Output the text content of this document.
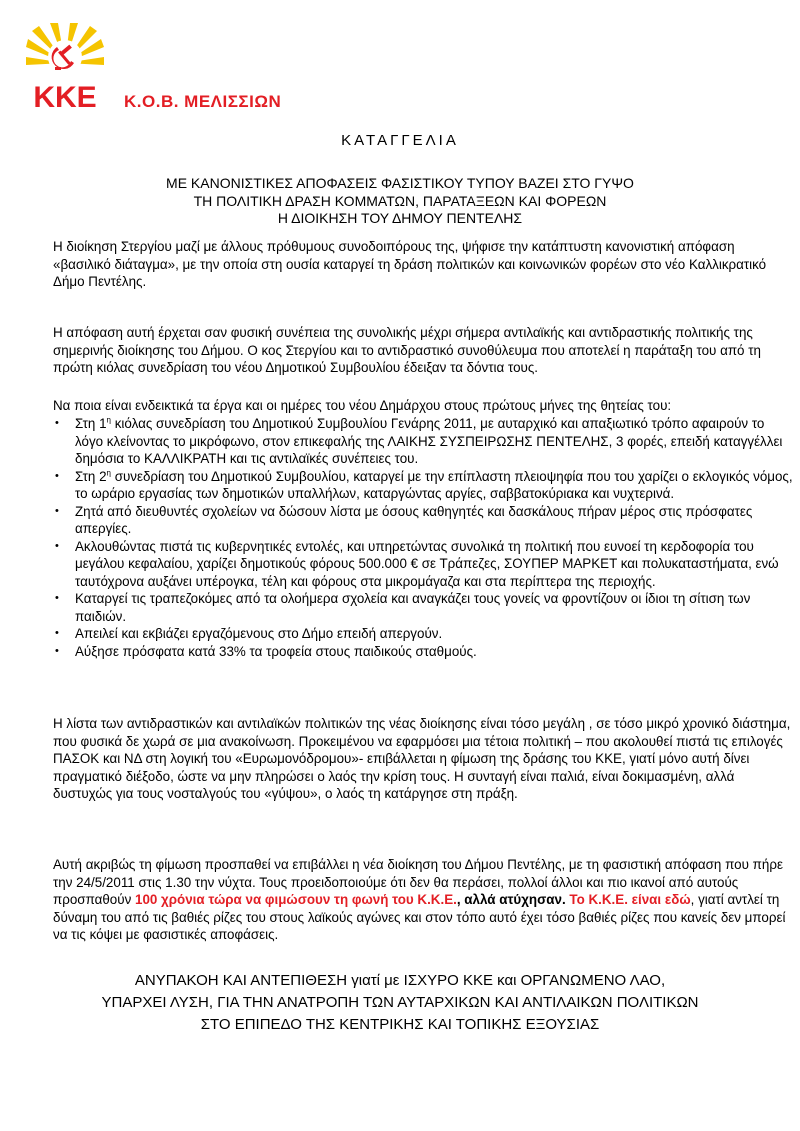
ΚΚΕ Κ.Ο.Β. ΜΕΛΙΣΣΙΩΝ
ΚΑΤΑΓΓΕΛΙΑ
ΜΕ ΚΑΝΟΝΙΣΤΙΚΕΣ ΑΠΟΦΑΣΕΙΣ ΦΑΣΙΣΤΙΚΟΥ ΤΥΠΟΥ ΒΑΖΕΙ ΣΤΟ ΓΥΨΟ
ΤΗ ΠΟΛΙΤΙΚΗ ΔΡΑΣΗ ΚΟΜΜΑΤΩΝ, ΠΑΡΑΤΑΞΕΩΝ ΚΑΙ ΦΟΡΕΩΝ
Η ΔΙΟΙΚΗΣΗ ΤΟΥ ΔΗΜΟΥ ΠΕΝΤΕΛΗΣ

Η διοίκηση Στεργίου μαζί με άλλους πρόθυμους συνοδοιπόρους της, ψήφισε την κατάπτυστη κανονιστική απόφαση «βασιλικό διάταγμα», με την οποία στη ουσία καταργεί τη δράση πολιτικών και κοινωνικών φορέων στο νέο Καλλικρατικό Δήμο Πεντέλης.

Η απόφαση αυτή έρχεται σαν φυσική συνέπεια της συνολικής μέχρι σήμερα αντιλαϊκής και αντιδραστικής πολιτικής της σημερινής διοίκησης του Δήμου. Ο κος Στεργίου και το αντιδραστικό συνοθύλευμα που αποτελεί η παράταξη του από τη πρώτη κιόλας συνεδρίαση του νέου Δημοτικού Συμβουλίου έδειξαν τα δόντια τους.

Να ποια είναι ενδεικτικά τα έργα και οι ημέρες του νέου Δημάρχου στους πρώτους μήνες της θητείας του:

• Στη $1^\eta$ κιόλας συνεδρίαση του Δημοτικού Συμβουλίου Γενάρης 2011, με αυταρχικό και απαξιωτικό τρόπο αφαιρούν το λόγο κλείνοντας το μικρόφωνο, στον επικεφαλής της ΛΑΙΚΗΣ ΣΥΣΠΕΙΡΩΣΗΣ ΠΕΝΤΕΛΗΣ, 3 φορές, επειδή καταγγέλλει δημόσια το ΚΑΛΛΙΚΡΑΤΗ και τις αντιλαϊκές συνέπειες του.
• Στη $2^\eta$ συνεδρίαση του Δημοτικού Συμβουλίου, καταργεί με την επίπλαστη πλειοψηφία που του χαρίζει ο εκλογικός νόμος, το ωράριο εργασίας των δημοτικών υπαλλήλων, καταργώντας αργίες, σαββατοκύριακα και νυχτερινά.
• Ζητά από διευθυντές σχολείων να δώσουν λίστα με όσους καθηγητές και δασκάλους πήραν μέρος στις πρόσφατες απεργίες.
• Ακλουθώντας πιστά τις κυβερνητικές εντολές, και υπηρετώντας συνολικά τη πολιτική που ευνοεί τη κερδοφορία του μεγάλου κεφαλαίου, χαρίζει δημοτικούς φόρους 500.000 € σε Τράπεζες, ΣΟΥΠΕΡ ΜΑΡΚΕΤ και πολυκαταστήματα, ενώ ταυτόχρονα αυξάνει υπέρογκα, τέλη και φόρους στα μικρομάγαζα και στα περίπτερα της περιοχής.
• Καταργεί τις τραπεζοκόμες από τα ολοήμερα σχολεία και αναγκάζει τους γονείς να φροντίζουν οι ίδιοι τη σίτιση των παιδιών.
• Απειλεί και εκβιάζει εργαζόμενους στο Δήμο επειδή απεργούν.
• Αύξησε πρόσφατα κατά 33% τα τροφεία στους παιδικούς σταθμούς.

Η λίστα των αντιδραστικών και αντιλαϊκών πολιτικών της νέας διοίκησης είναι τόσο μεγάλη , σε τόσο μικρό χρονικό διάστημα, που φυσικά δε χωρά σε μια ανακοίνωση. Προκειμένου να εφαρμόσει μια τέτοια πολιτική – που ακολουθεί πιστά τις επιλογές ΠΑΣΟΚ και ΝΔ στη λογική του «Ευρωμονόδρομου»- επιβάλλεται η φίμωση της δράσης του ΚΚΕ, γιατί μόνο αυτή δίνει πραγματικό διέξοδο, ώστε να μην πληρώσει ο λαός την κρίση τους. Η συνταγή είναι παλιά, είναι δοκιμασμένη, αλλά δυστυχώς για τους νοσταλγούς του «γύψου», ο λαός τη κατάργησε στη πράξη.

Αυτή ακριβώς τη φίμωση προσπαθεί να επιβάλλει η νέα διοίκηση του Δήμου Πεντέλης, με τη φασιστική απόφαση που πήρε την 24/5/2011 στις 1.30 την νύχτα. Τους προειδοποιούμε ότι δεν θα περάσει, πολλοί άλλοι και πιο ικανοί από αυτούς προσπαθούν 100 χρόνια τώρα να φιμώσουν τη φωνή του Κ.Κ.Ε., αλλά ατύχησαν. Το Κ.Κ.Ε. είναι εδώ, γιατί αντλεί τη δύναμη του από τις βαθιές ρίζες του στους λαϊκούς αγώνες και στον τόπο αυτό έχει τόσο βαθιές ρίζες που κανείς δεν μπορεί να τις κόψει με φασιστικές αποφάσεις.

ΑΝΥΠΑΚΟΗ ΚΑΙ ΑΝΤΕΠΙΘΕΣΗ γιατί με ΙΣΧΥΡΟ ΚΚΕ και ΟΡΓΑΝΩΜΕΝΟ ΛΑΟ,
ΥΠΑΡΧΕΙ ΛΥΣΗ, ΓΙΑ ΤΗΝ ΑΝΑΤΡΟΠΗ ΤΩΝ ΑΥΤΑΡΧΙΚΩΝ ΚΑΙ ΑΝΤΙΛΑΙΚΩΝ ΠΟΛΙΤΙΚΩΝ
ΣΤΟ ΕΠΙΠΕΔΟ ΤΗΣ ΚΕΝΤΡΙΚΗΣ ΚΑΙ ΤΟΠΙΚΗΣ ΕΞΟΥΣΙΑΣ
